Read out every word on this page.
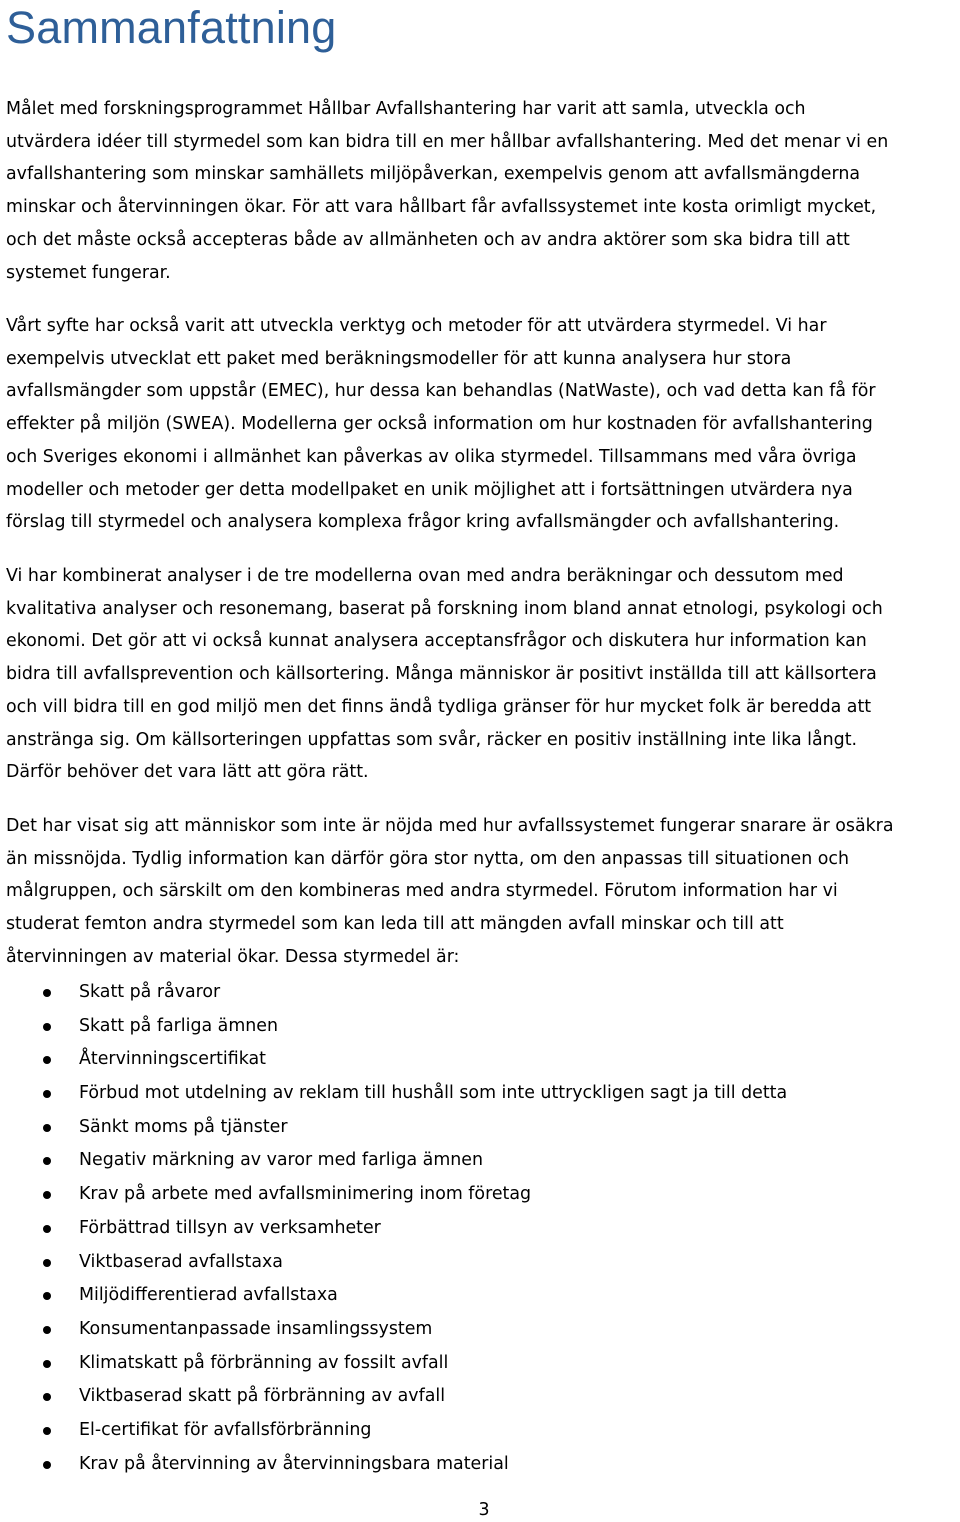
Sammanfattning

Målet med forskningsprogrammet Hållbar Avfallshantering har varit att samla, utveckla och
utvärdera idéer till styrmedel som kan bidra till en mer hållbar avfallshantering. Med det menar vi en
avfallshantering som minskar samhällets miljöpåverkan, exempelvis genom att avfallsmängderna
minskar och återvinningen ökar. För att vara hållbart får avfallssystemet inte kosta orimligt mycket,
och det måste också accepteras både av allmänheten och av andra aktörer som ska bidra till att
systemet fungerar.

Vårt syfte har också varit att utveckla verktyg och metoder för att utvärdera styrmedel. Vi har
exempelvis utvecklat ett paket med beräkningsmodeller för att kunna analysera hur stora
avfallsmängder som uppstår (EMEC), hur dessa kan behandlas (NatWaste), och vad detta kan få för
effekter på miljön (SWEA). Modellerna ger också information om hur kostnaden för avfallshantering
och Sveriges ekonomi i allmänhet kan påverkas av olika styrmedel. Tillsammans med våra övriga
modeller och metoder ger detta modellpaket en unik möjlighet att i fortsättningen utvärdera nya
förslag till styrmedel och analysera komplexa frågor kring avfallsmängder och avfallshantering.

Vi har kombinerat analyser i de tre modellerna ovan med andra beräkningar och dessutom med
kvalitativa analyser och resonemang, baserat på forskning inom bland annat etnologi, psykologi och
ekonomi. Det gör att vi också kunnat analysera acceptansfrågor och diskutera hur information kan
bidra till avfallsprevention och källsortering. Många människor är positivt inställda till att källsortera
och vill bidra till en god miljö men det finns ändå tydliga gränser för hur mycket folk är beredda att
anstränga sig. Om källsorteringen uppfattas som svår, räcker en positiv inställning inte lika långt.
Därför behöver det vara lätt att göra rätt.

Det har visat sig att människor som inte är nöjda med hur avfallssystemet fungerar snarare är osäkra
än missnöjda. Tydlig information kan därför göra stor nytta, om den anpassas till situationen och
målgruppen, och särskilt om den kombineras med andra styrmedel. Förutom information har vi
studerat femton andra styrmedel som kan leda till att mängden avfall minskar och till att
återvinningen av material ökar. Dessa styrmedel är:

Skatt på råvaror
Skatt på farliga ämnen
Återvinningscertifikat
Förbud mot utdelning av reklam till hushåll som inte uttryckligen sagt ja till detta
Sänkt moms på tjänster
Negativ märkning av varor med farliga ämnen
Krav på arbete med avfallsminimering inom företag
Förbättrad tillsyn av verksamheter
Viktbaserad avfallstaxa
Miljödifferentierad avfallstaxa
Konsumentanpassade insamlingssystem
Klimatskatt på förbränning av fossilt avfall
Viktbaserad skatt på förbränning av avfall
El-certifikat för avfallsförbränning
Krav på återvinning av återvinningsbara material
3
